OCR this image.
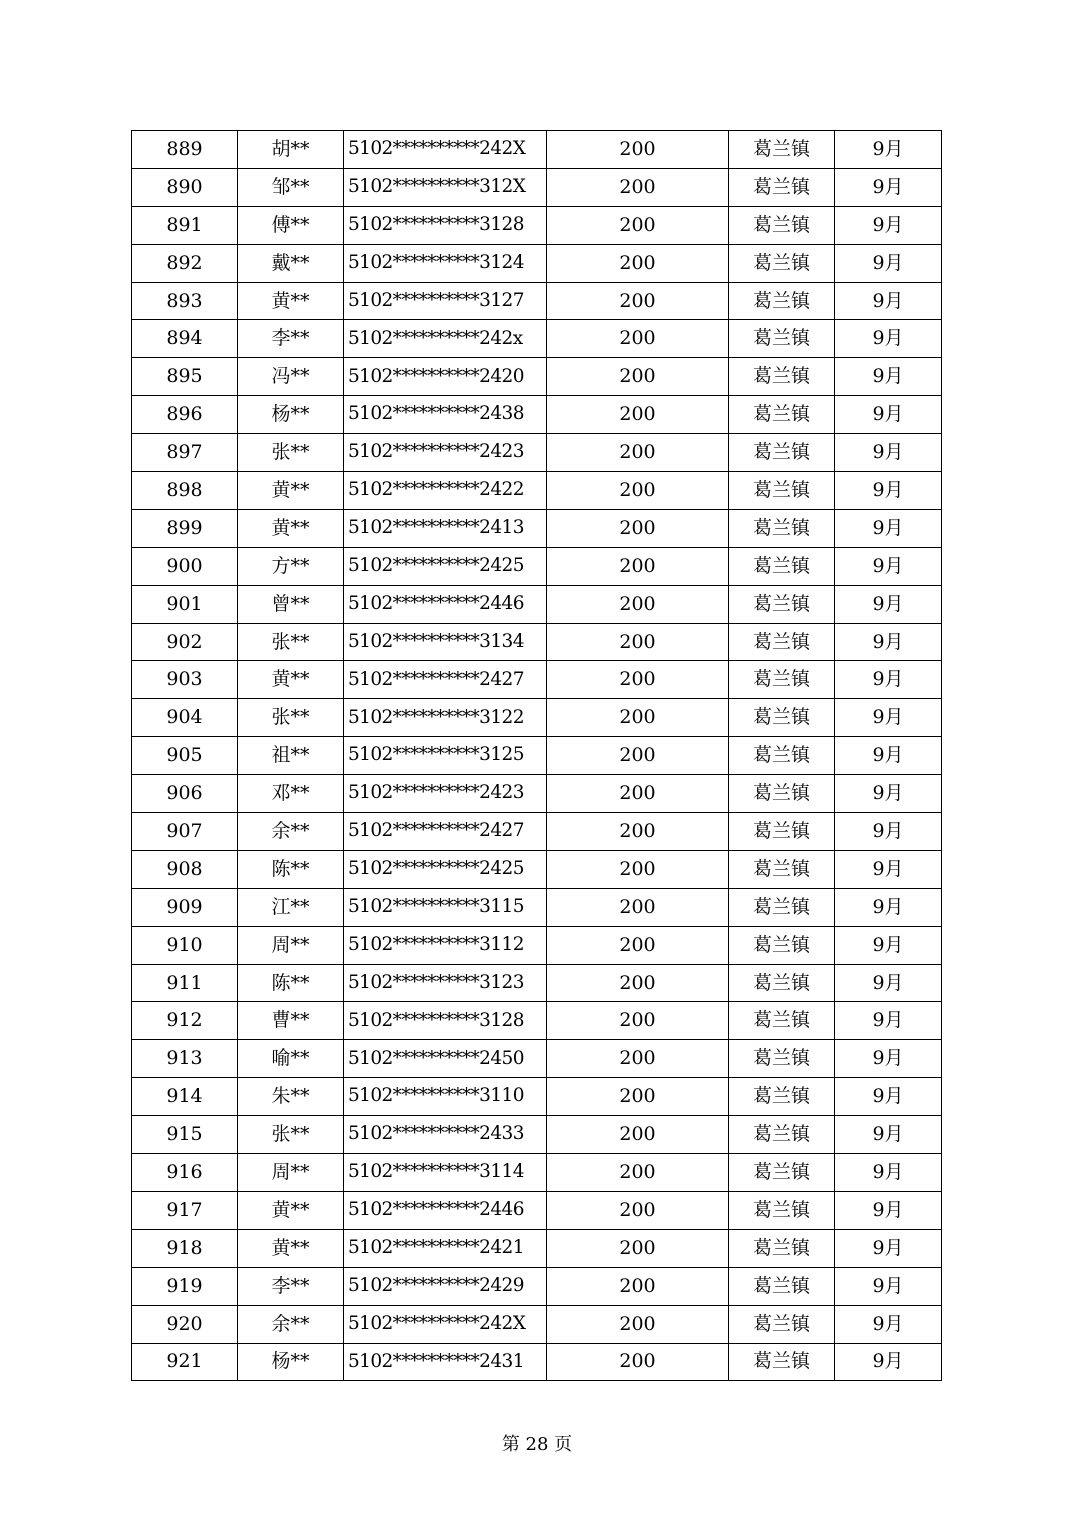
889	胡**	5102**********242X	200	葛兰镇	9月
890	邹**	5102**********312X	200	葛兰镇	9月
891	傅**	5102**********3128	200	葛兰镇	9月
892	戴**	5102**********3124	200	葛兰镇	9月
893	黄**	5102**********3127	200	葛兰镇	9月
894	李**	5102**********242x	200	葛兰镇	9月
895	冯**	5102**********2420	200	葛兰镇	9月
896	杨**	5102**********2438	200	葛兰镇	9月
897	张**	5102**********2423	200	葛兰镇	9月
898	黄**	5102**********2422	200	葛兰镇	9月
899	黄**	5102**********2413	200	葛兰镇	9月
900	方**	5102**********2425	200	葛兰镇	9月
901	曾**	5102**********2446	200	葛兰镇	9月
902	张**	5102**********3134	200	葛兰镇	9月
903	黄**	5102**********2427	200	葛兰镇	9月
904	张**	5102**********3122	200	葛兰镇	9月
905	祖**	5102**********3125	200	葛兰镇	9月
906	邓**	5102**********2423	200	葛兰镇	9月
907	余**	5102**********2427	200	葛兰镇	9月
908	陈**	5102**********2425	200	葛兰镇	9月
909	江**	5102**********3115	200	葛兰镇	9月
910	周**	5102**********3112	200	葛兰镇	9月
911	陈**	5102**********3123	200	葛兰镇	9月
912	曹**	5102**********3128	200	葛兰镇	9月
913	喻**	5102**********2450	200	葛兰镇	9月
914	朱**	5102**********3110	200	葛兰镇	9月
915	张**	5102**********2433	200	葛兰镇	9月
916	周**	5102**********3114	200	葛兰镇	9月
917	黄**	5102**********2446	200	葛兰镇	9月
918	黄**	5102**********2421	200	葛兰镇	9月
919	李**	5102**********2429	200	葛兰镇	9月
920	余**	5102**********242X	200	葛兰镇	9月
921	杨**	5102**********2431	200	葛兰镇	9月
第 28 页
